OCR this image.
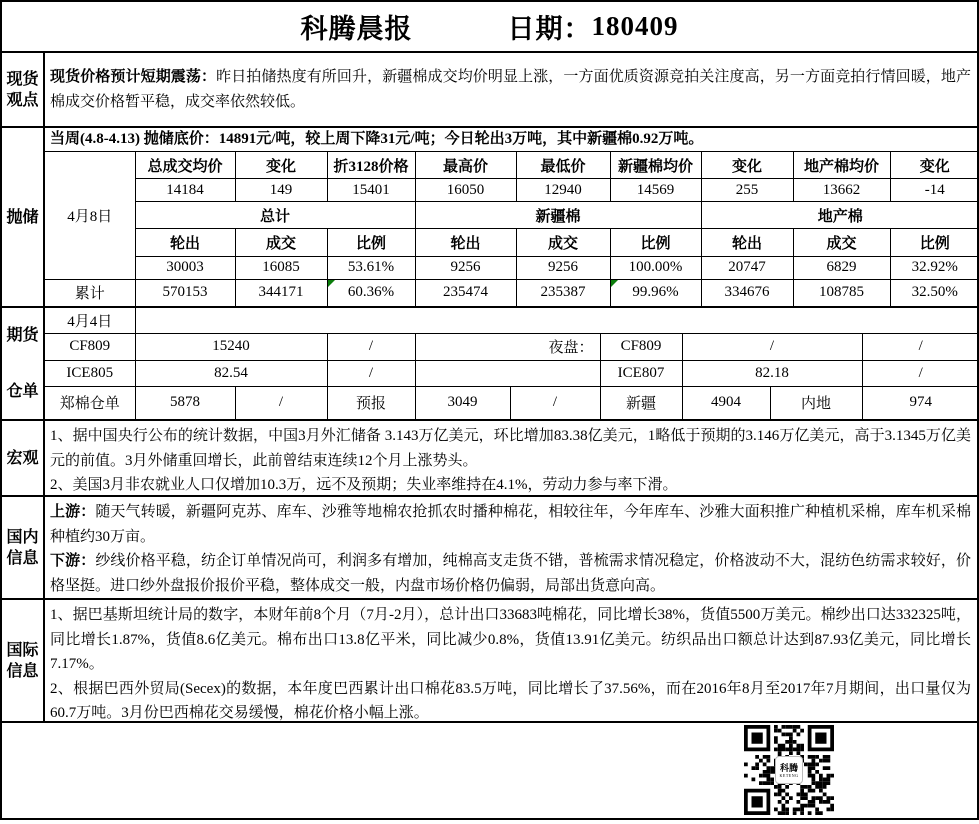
科腾晨报	日期： 180409
现货
观点
现货价格预计短期震荡：昨日拍储热度有所回升，新疆棉成交均价明显上涨，一方面优质资源竞拍关注度高，另一方面竞拍行情回暖，地产棉成交价格暂平稳，成交率依然较低。
抛储
当周(4.8-4.13) 抛储底价：14891元/吨，较上周下降31元/吨；今日轮出3万吨，其中新疆棉0.92万吨。
4月8日	总成交均价	变化	折3128价格	最高价	最低价	新疆棉均价	变化	地产棉均价	变化
	14184	149	15401	16050	12940	14569	255	13662	-14
	总计			新疆棉			地产棉		
	轮出	成交	比例	轮出	成交	比例	轮出	成交	比例
	30003	16085	53.61%	9256	9256	100.00%	20747	6829	32.92%
累计	570153	344171	60.36%	235474	235387	99.96%	334676	108785	32.50%
期货
仓单
4月4日									
CF809	15240		/	夜盘：		CF809	/		/
ICE805	82.54		/			ICE807	82.18		/
郑棉仓单	5878	/	预报	3049	/	新疆	4904	内地	974
宏观
1、据中国央行公布的统计数据，中国3月外汇储备 3.143万亿美元，环比增加83.38亿美元，1略低于预期的3.146万亿美元，高于3.1345万亿美元的前值。3月外储重回增长，此前曾结束连续12个月上涨势头。
2、美国3月非农就业人口仅增加10.3万，远不及预期；失业率维持在4.1%，劳动力参与率下滑。
国内
信息
上游：随天气转暖，新疆阿克苏、库车、沙雅等地棉农抢抓农时播种棉花，相较往年，今年库车、沙雅大面积推广种植机采棉，库车机采棉种植约30万亩。
下游：纱线价格平稳，纺企订单情况尚可，利润多有增加，纯棉高支走货不错，普梳需求情况稳定，价格波动不大，混纺色纺需求较好，价格坚挺。进口纱外盘报价报价平稳，整体成交一般，内盘市场价格仍偏弱，局部出货意向高。
国际
信息
1、据巴基斯坦统计局的数字，本财年前8个月（7月-2月），总计出口33683吨棉花，同比增长38%，货值5500万美元。棉纱出口达332325吨，同比增长1.87%，货值8.6亿美元。棉布出口13.8亿平米，同比减少0.8%，货值13.91亿美元。纺织品出口额总计达到87.93亿美元，同比增长7.17%。
2、根据巴西外贸局(Secex)的数据，本年度巴西累计出口棉花83.5万吨，同比增长了37.56%，而在2016年8月至2017年7月期间，出口量仅为60.7万吨。3月份巴西棉花交易缓慢，棉花价格小幅上涨。
科腾
KETENG
